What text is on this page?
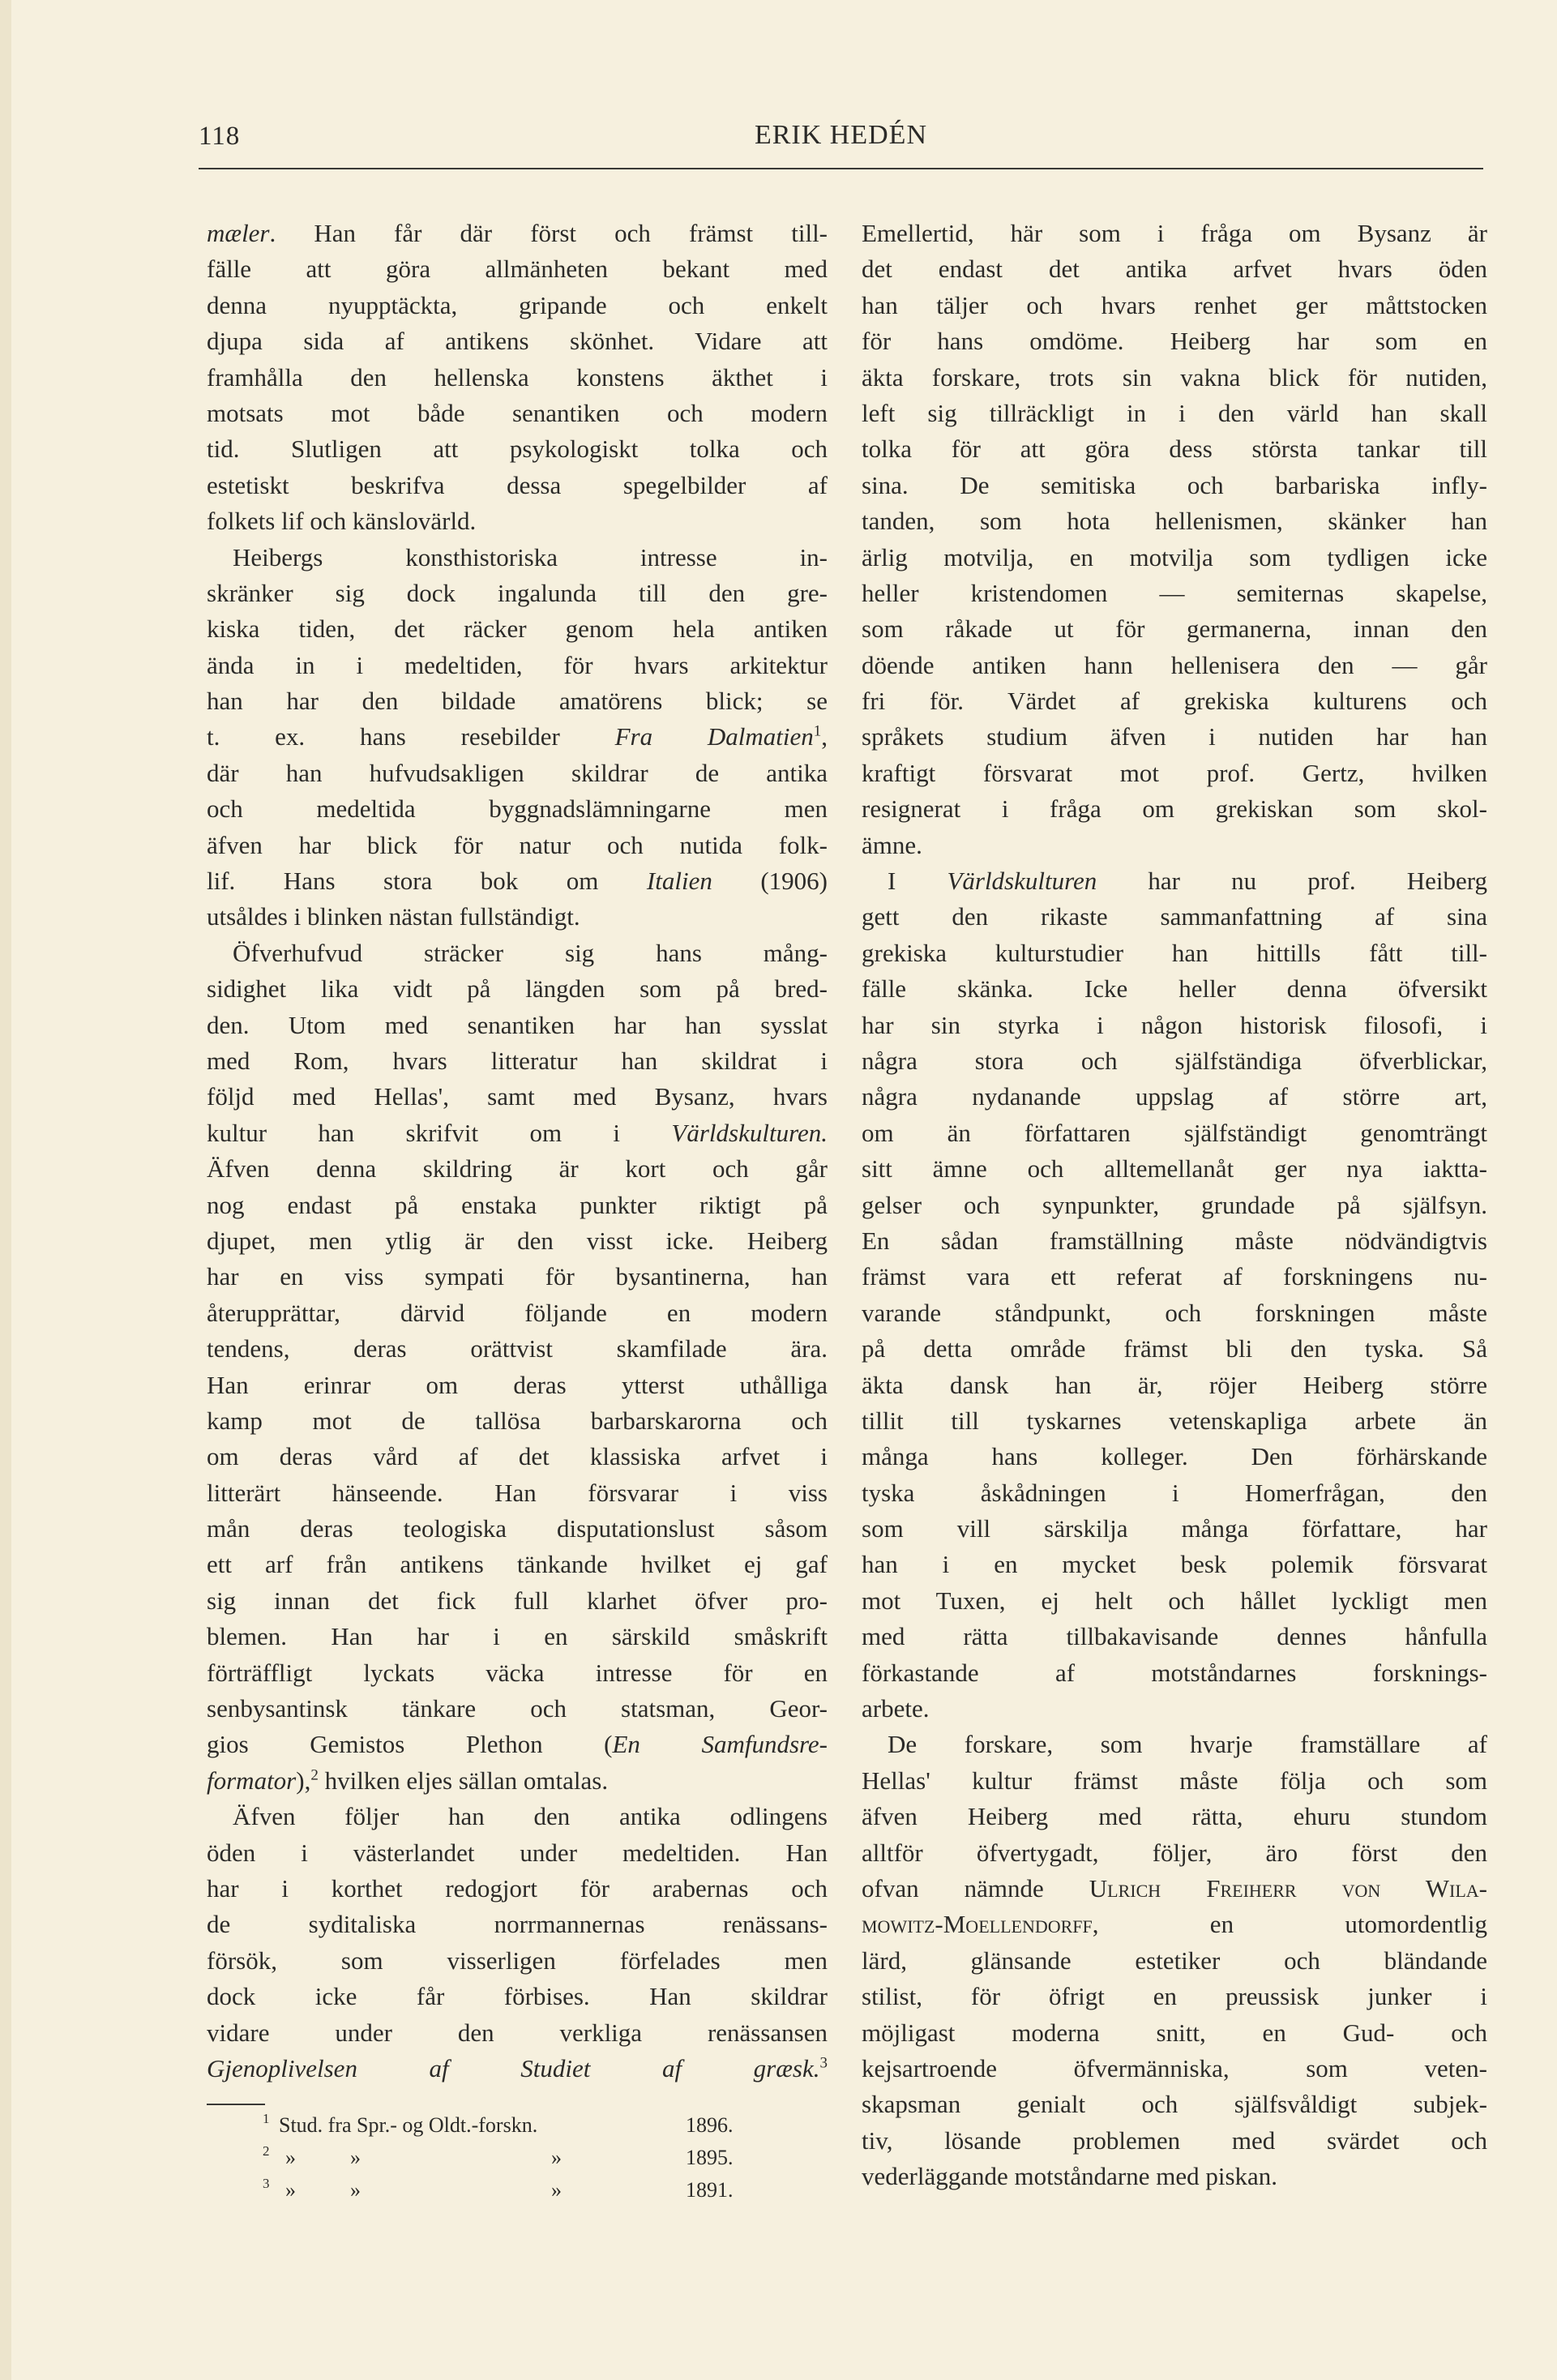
118	ERIK HEDÉN
mæler. Han får där först och främst till-
fälle att göra allmänheten bekant med
denna nyupptäckta, gripande och enkelt
djupa sida af antikens skönhet. Vidare att
framhålla den hellenska konstens äkthet i
motsats mot både senantiken och modern
tid. Slutligen att psykologiskt tolka och
estetiskt beskrifva dessa spegelbilder af
folkets lif och känslovärld.
Heibergs konsthistoriska intresse in-
skränker sig dock ingalunda till den gre-
kiska tiden, det räcker genom hela antiken
ända in i medeltiden, för hvars arkitektur
han har den bildade amatörens blick; se
t. ex. hans resebilder Fra Dalmatien$^1$,
där han hufvudsakligen skildrar de antika
och medeltida byggnadslämningarne men
äfven har blick för natur och nutida folk-
lif. Hans stora bok om Italien (1906)
utsåldes i blinken nästan fullständigt.
Öfverhufvud sträcker sig hans mång-
sidighet lika vidt på längden som på bred-
den. Utom med senantiken har han sysslat
med Rom, hvars litteratur han skildrat i
följd med Hellas', samt med Bysanz, hvars
kultur han skrifvit om i Världskulturen.
Äfven denna skildring är kort och går
nog endast på enstaka punkter riktigt på
djupet, men ytlig är den visst icke. Heiberg
har en viss sympati för bysantinerna, han
återupprättar, därvid följande en modern
tendens, deras orättvist skamfilade ära.
Han erinrar om deras ytterst uthålliga
kamp mot de tallösa barbarskarorna och
om deras vård af det klassiska arfvet i
litterärt hänseende. Han försvarar i viss
mån deras teologiska disputationslust såsom
ett arf från antikens tänkande hvilket ej gaf
sig innan det fick full klarhet öfver pro-
blemen. Han har i en särskild småskrift
förträffligt lyckats väcka intresse för en
senbysantinsk tänkare och statsman, Geor-
gios Gemistos Plethon (En Samfundsre-
formator),$^2$ hvilken eljes sällan omtalas.
Äfven följer han den antika odlingens
öden i västerlandet under medeltiden. Han
har i korthet redogjort för arabernas och
de syditaliska norrmannernas renässans-
försök, som visserligen förfelades men
dock icke får förbises. Han skildrar
vidare under den verkliga renässansen
Gjenoplivelsen af Studiet af græsk.$^3$
Emellertid, här som i fråga om Bysanz är
det endast det antika arfvet hvars öden
han täljer och hvars renhet ger måttstocken
för hans omdöme. Heiberg har som en
äkta forskare, trots sin vakna blick för nutiden,
left sig tillräckligt in i den värld han skall
tolka för att göra dess största tankar till
sina. De semitiska och barbariska infly-
tanden, som hota hellenismen, skänker han
ärlig motvilja, en motvilja som tydligen icke
heller kristendomen — semiternas skapelse,
som råkade ut för germanerna, innan den
döende antiken hann hellenisera den — går
fri för. Värdet af grekiska kulturens och
språkets studium äfven i nutiden har han
kraftigt försvarat mot prof. Gertz, hvilken
resignerat i fråga om grekiskan som skol-
ämne.
I Världskulturen har nu prof. Heiberg
gett den rikaste sammanfattning af sina
grekiska kulturstudier han hittills fått till-
fälle skänka. Icke heller denna öfversikt
har sin styrka i någon historisk filosofi, i
några stora och själfständiga öfverblickar,
några nydanande uppslag af större art,
om än författaren själfständigt genomträngt
sitt ämne och alltemellanåt ger nya iaktta-
gelser och synpunkter, grundade på själfsyn.
En sådan framställning måste nödvändigtvis
främst vara ett referat af forskningens nu-
varande ståndpunkt, och forskningen måste
på detta område främst bli den tyska. Så
äkta dansk han är, röjer Heiberg större
tillit till tyskarnes vetenskapliga arbete än
många hans kolleger. Den förhärskande
tyska åskådningen i Homerfrågan, den
som vill särskilja många författare, har
han i en mycket besk polemik försvarat
mot Tuxen, ej helt och hållet lyckligt men
med rätta tillbakavisande dennes hånfulla
förkastande af motståndarnes forsknings-
arbete.
De forskare, som hvarje framställare af
Hellas' kultur främst måste följa och som
äfven Heiberg med rätta, ehuru stundom
alltför öfvertygadt, följer, äro först den
ofvan nämnde Ulrich Freiherr von Wila-
mowitz-Moellendorff, en utomordentlig
lärd, glänsande estetiker och bländande
stilist, för öfrigt en preussisk junker i
möjligast moderna snitt, en Gud- och
kejsartroende öfvermänniska, som veten-
skapsman genialt och själfsvåldigt subjek-
tiv, lösande problemen med svärdet och
vederläggande motståndarne med piskan.
1 Stud. fra Spr.- og Oldt.-forskn.	1896.
2 »	»	»	1895.
3 »	»	»	1891.
